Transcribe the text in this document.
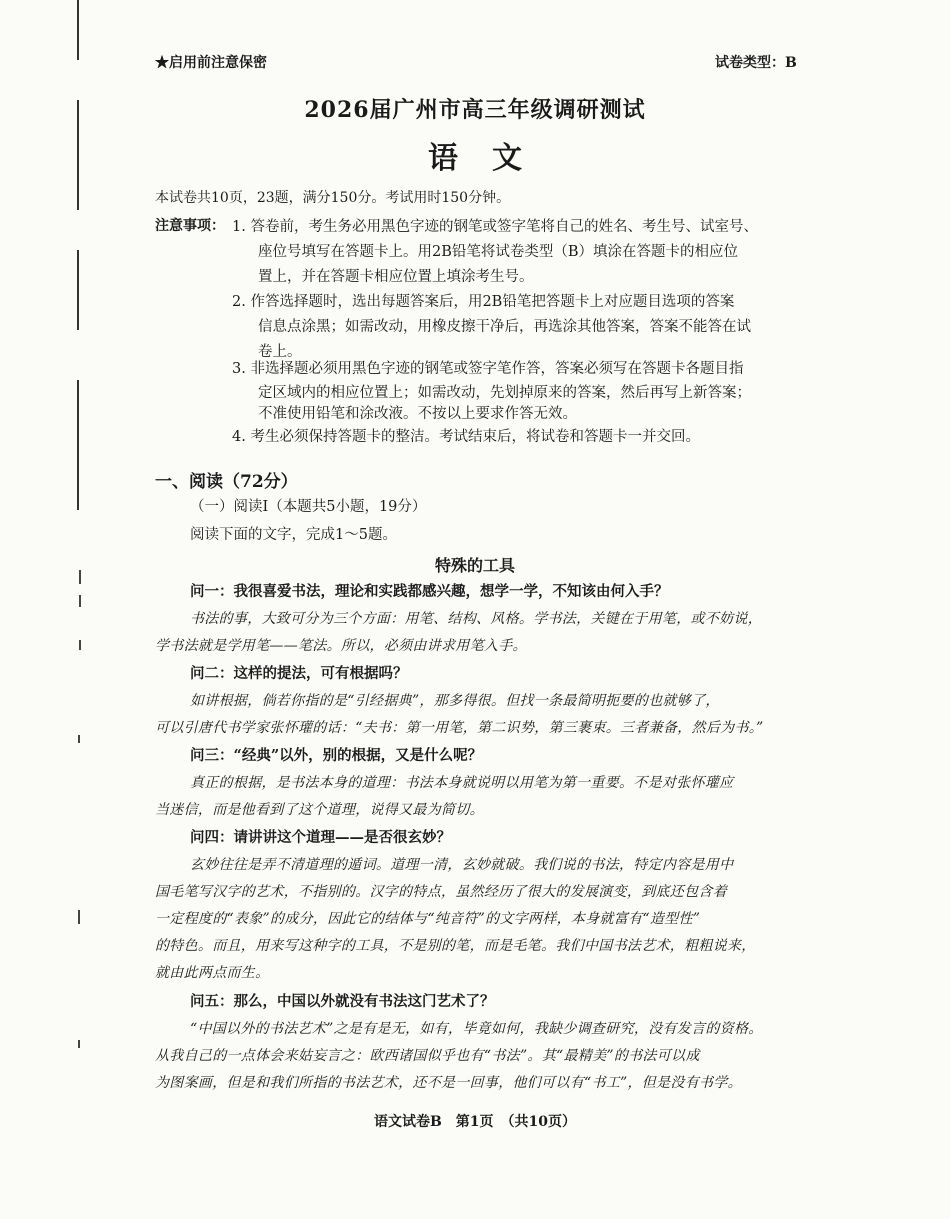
★启用前注意保密	试卷类型：B
2026届广州市高三年级调研测试
语文
本试卷共10页，23题，满分150分。考试用时150分钟。
注意事项： 1. 答卷前，考生务必用黑色字迹的钢笔或签字笔将自己的姓名、考生号、试室号、
座位号填写在答题卡上。用2B铅笔将试卷类型（B）填涂在答题卡的相应位
置上，并在答题卡相应位置上填涂考生号。
2. 作答选择题时，选出每题答案后，用2B铅笔把答题卡上对应题目选项的答案
信息点涂黑；如需改动，用橡皮擦干净后，再选涂其他答案，答案不能答在试
卷上。
3. 非选择题必须用黑色字迹的钢笔或签字笔作答，答案必须写在答题卡各题目指
定区域内的相应位置上；如需改动，先划掉原来的答案，然后再写上新答案；
不准使用铅笔和涂改液。不按以上要求作答无效。
4. 考生必须保持答题卡的整洁。考试结束后，将试卷和答题卡一并交回。
一、阅读（72分）
（一）阅读Ⅰ（本题共5小题，19分）
阅读下面的文字，完成1～5题。
特殊的工具
问一：我很喜爱书法，理论和实践都感兴趣，想学一学，不知该由何入手？
书法的事，大致可分为三个方面：用笔、结构、风格。学书法，关键在于用笔，或不妨说，
学书法就是学用笔——笔法。所以，必须由讲求用笔入手。
问二：这样的提法，可有根据吗？
如讲根据，倘若你指的是“引经据典”，那多得很。但找一条最简明扼要的也就够了，
可以引唐代书学家张怀瓘的话：“夫书：第一用笔，第二识势，第三裹束。三者兼备，然后为书。”
问三：“经典”以外，别的根据，又是什么呢？
真正的根据，是书法本身的道理：书法本身就说明以用笔为第一重要。不是对张怀瓘应
当迷信，而是他看到了这个道理，说得又最为简切。
问四：请讲讲这个道理——是否很玄妙？
玄妙往往是弄不清道理的遁词。道理一清，玄妙就破。我们说的书法，特定内容是用中
国毛笔写汉字的艺术，不指别的。汉字的特点，虽然经历了很大的发展演变，到底还包含着
一定程度的“表象”的成分，因此它的结体与“纯音符”的文字两样，本身就富有“造型性”
的特色。而且，用来写这种字的工具，不是别的笔，而是毛笔。我们中国书法艺术，粗粗说来，
就由此两点而生。
问五：那么，中国以外就没有书法这门艺术了？
“中国以外的书法艺术”之是有是无，如有，毕竟如何，我缺少调查研究，没有发言的资格。
从我自己的一点体会来姑妄言之：欧西诸国似乎也有“书法”。其“最精美”的书法可以成
为图案画，但是和我们所指的书法艺术，还不是一回事，他们可以有“书工”，但是没有书学。
语文试卷B　第1页　（共10页）
